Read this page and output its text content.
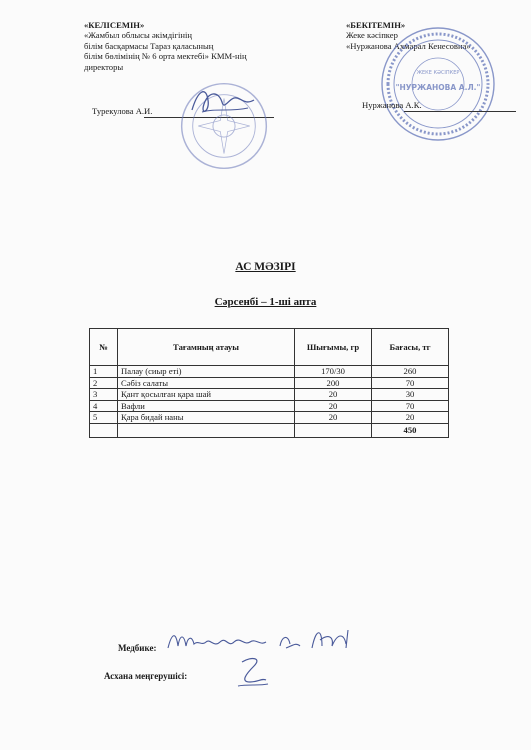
«КЕЛІСЕМІН»
«Жамбыл облысы әкімдігінің
білім басқармасы Тараз қаласының
білім бөлімінің № 6 орта мектебі» КММ-нің
директоры
Турекулова А.И.
«БЕКІТЕМІН»
Жеке кәсіпкер
«Нуржанова Ахмарал Кенесовна»
ЖЕКЕ КӘСІПКЕР
"НУРЖАНОВА А.Л."
Нуржанова А.К.
АС МӘЗІРІ
Сәрсенбі – 1-ші апта
№	Тағамның атауы	Шығымы, гр	Бағасы, тг
1	Палау (сиыр еті)	170/30	260
2	Сәбіз салаты	200	70
3	Қант қосылған қара шай	20	30
4	Вафли	20	70
5	Қара бидай наны	20	20
			450
Медбике:
Асхана меңгерушісі:
